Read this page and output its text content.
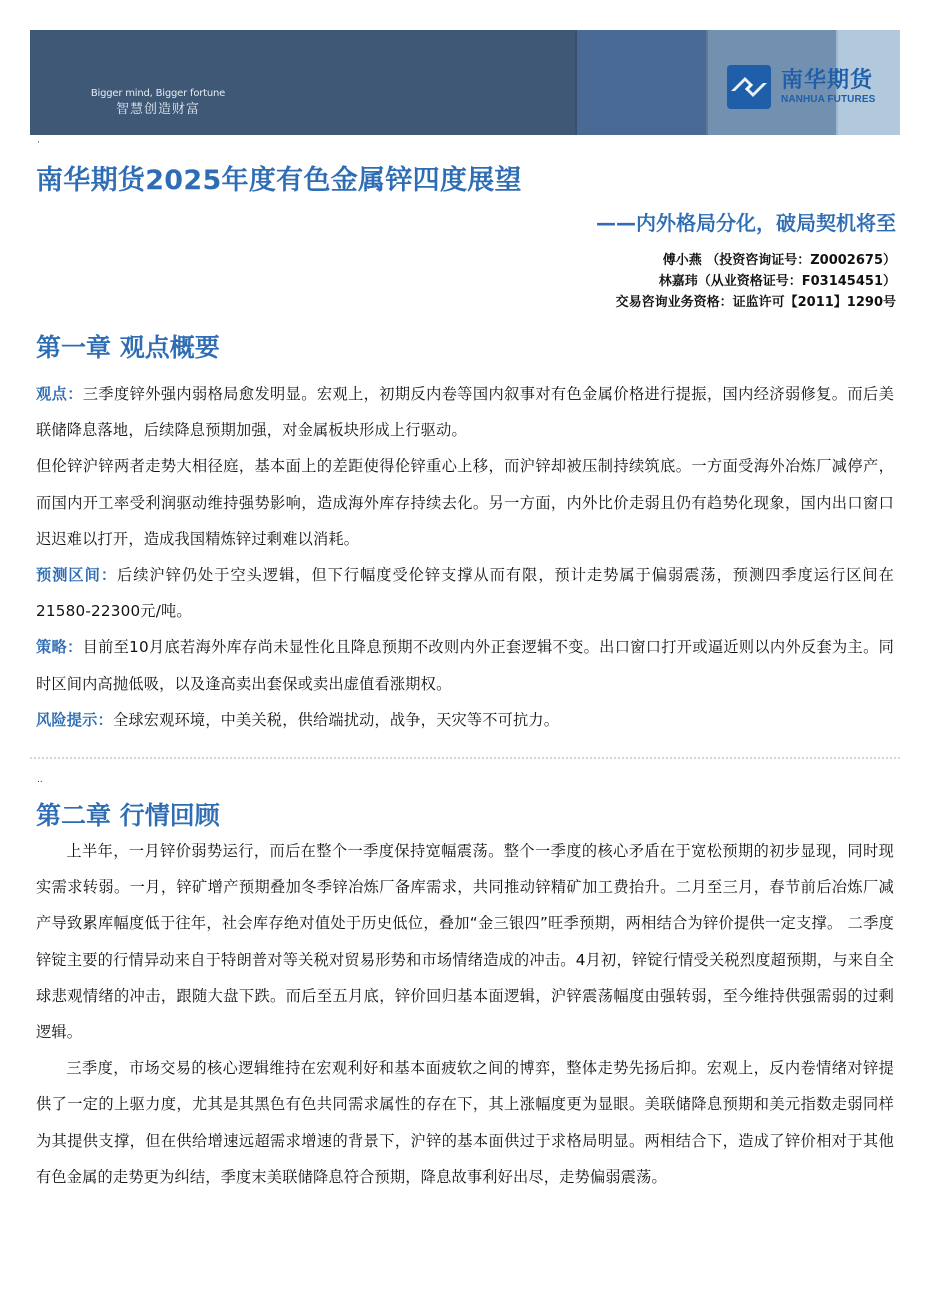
Bigger mind, Bigger fortune
智慧创造财富
南华期货
NANHUA FUTURES
·
南华期货2025年度有色金属锌四度展望
——内外格局分化，破局契机将至
傅小燕 （投资咨询证号：Z0002675）
林嘉玮（从业资格证号：F03145451）
交易咨询业务资格：证监许可【2011】1290号
第一章 观点概要

观点：三季度锌外强内弱格局愈发明显。宏观上，初期反内卷等国内叙事对有色金属价格进行提振，国内经济弱修复。而后美联储降息落地，后续降息预期加强，对金属板块形成上行驱动。

但伦锌沪锌两者走势大相径庭，基本面上的差距使得伦锌重心上移，而沪锌却被压制持续筑底。一方面受海外冶炼厂减停产，而国内开工率受利润驱动维持强势影响，造成海外库存持续去化。另一方面，内外比价走弱且仍有趋势化现象，国内出口窗口迟迟难以打开，造成我国精炼锌过剩难以消耗。

预测区间：后续沪锌仍处于空头逻辑，但下行幅度受伦锌支撑从而有限，预计走势属于偏弱震荡，预测四季度运行区间在21580-22300元/吨。

策略：目前至10月底若海外库存尚未显性化且降息预期不改则内外正套逻辑不变。出口窗口打开或逼近则以内外反套为主。同时区间内高抛低吸，以及逢高卖出套保或卖出虚值看涨期权。

风险提示：全球宏观环境，中美关税，供给端扰动，战争，天灾等不可抗力。

..
第二章 行情回顾

上半年，一月锌价弱势运行，而后在整个一季度保持宽幅震荡。整个一季度的核心矛盾在于宽松预期的初步显现，同时现实需求转弱。一月，锌矿增产预期叠加冬季锌冶炼厂备库需求，共同推动锌精矿加工费抬升。二月至三月，春节前后冶炼厂减产导致累库幅度低于往年，社会库存绝对值处于历史低位，叠加“金三银四”旺季预期，两相结合为锌价提供一定支撑。 二季度锌锭主要的行情异动来自于特朗普对等关税对贸易形势和市场情绪造成的冲击。4月初，锌锭行情受关税烈度超预期，与来自全球悲观情绪的冲击，跟随大盘下跌。而后至五月底，锌价回归基本面逻辑，沪锌震荡幅度由强转弱，至今维持供强需弱的过剩逻辑。

三季度，市场交易的核心逻辑维持在宏观利好和基本面疲软之间的博弈，整体走势先扬后抑。宏观上，反内卷情绪对锌提供了一定的上驱力度，尤其是其黑色有色共同需求属性的存在下，其上涨幅度更为显眼。美联储降息预期和美元指数走弱同样为其提供支撑，但在供给增速远超需求增速的背景下，沪锌的基本面供过于求格局明显。两相结合下，造成了锌价相对于其他有色金属的走势更为纠结，季度末美联储降息符合预期，降息故事利好出尽，走势偏弱震荡。
